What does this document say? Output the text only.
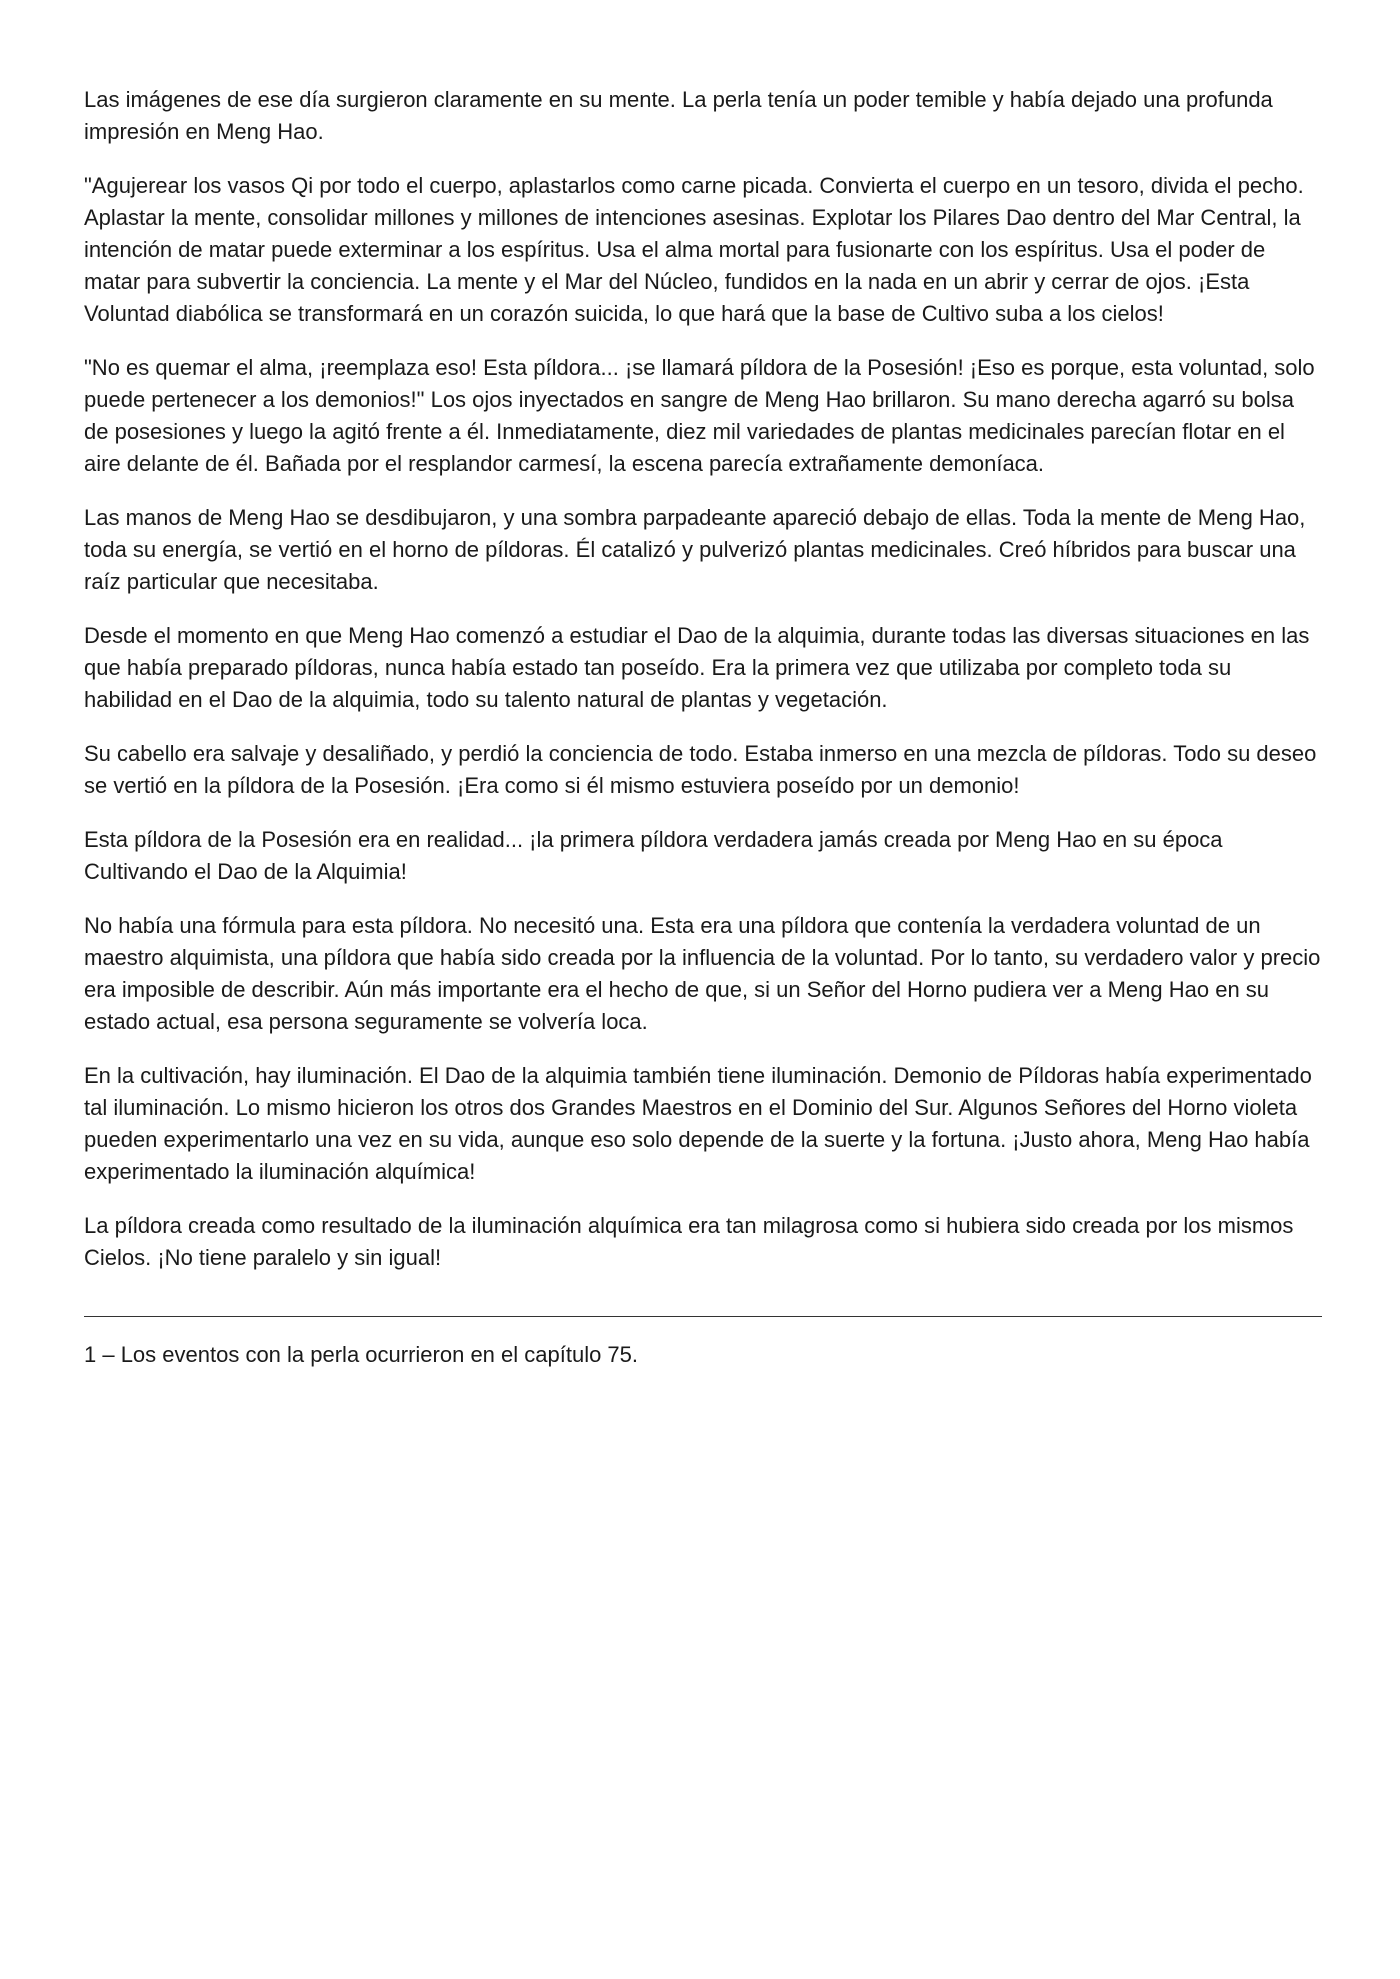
Las imágenes de ese día surgieron claramente en su mente. La perla tenía un poder temible y había dejado una profunda impresión en Meng Hao.

"Agujerear los vasos Qi por todo el cuerpo, aplastarlos como carne picada. Convierta el cuerpo en un tesoro, divida el pecho. Aplastar la mente, consolidar millones y millones de intenciones asesinas. Explotar los Pilares Dao dentro del Mar Central, la intención de matar puede exterminar a los espíritus. Usa el alma mortal para fusionarte con los espíritus. Usa el poder de matar para subvertir la conciencia. La mente y el Mar del Núcleo, fundidos en la nada en un abrir y cerrar de ojos. ¡Esta Voluntad diabólica se transformará en un corazón suicida, lo que hará que la base de Cultivo suba a los cielos!

"No es quemar el alma, ¡reemplaza eso! Esta píldora... ¡se llamará píldora de la Posesión! ¡Eso es porque, esta voluntad, solo puede pertenecer a los demonios!" Los ojos inyectados en sangre de Meng Hao brillaron. Su mano derecha agarró su bolsa de posesiones y luego la agitó frente a él. Inmediatamente, diez mil variedades de plantas medicinales parecían flotar en el aire delante de él. Bañada por el resplandor carmesí, la escena parecía extrañamente demoníaca.

Las manos de Meng Hao se desdibujaron, y una sombra parpadeante apareció debajo de ellas. Toda la mente de Meng Hao, toda su energía, se vertió en el horno de píldoras. Él catalizó y pulverizó plantas medicinales. Creó híbridos para buscar una raíz particular que necesitaba.

Desde el momento en que Meng Hao comenzó a estudiar el Dao de la alquimia, durante todas las diversas situaciones en las que había preparado píldoras, nunca había estado tan poseído. Era la primera vez que utilizaba por completo toda su habilidad en el Dao de la alquimia, todo su talento natural de plantas y vegetación.

Su cabello era salvaje y desaliñado, y perdió la conciencia de todo. Estaba inmerso en una mezcla de píldoras. Todo su deseo se vertió en la píldora de la Posesión. ¡Era como si él mismo estuviera poseído por un demonio!

Esta píldora de la Posesión era en realidad... ¡la primera píldora verdadera jamás creada por Meng Hao en su época Cultivando el Dao de la Alquimia!

No había una fórmula para esta píldora. No necesitó una. Esta era una píldora que contenía la verdadera voluntad de un maestro alquimista, una píldora que había sido creada por la influencia de la voluntad. Por lo tanto, su verdadero valor y precio era imposible de describir. Aún más importante era el hecho de que, si un Señor del Horno pudiera ver a Meng Hao en su estado actual, esa persona seguramente se volvería loca.

En la cultivación, hay iluminación. El Dao de la alquimia también tiene iluminación. Demonio de Píldoras había experimentado tal iluminación. Lo mismo hicieron los otros dos Grandes Maestros en el Dominio del Sur. Algunos Señores del Horno violeta pueden experimentarlo una vez en su vida, aunque eso solo depende de la suerte y la fortuna. ¡Justo ahora, Meng Hao había experimentado la iluminación alquímica!

La píldora creada como resultado de la iluminación alquímica era tan milagrosa como si hubiera sido creada por los mismos Cielos. ¡No tiene paralelo y sin igual!

1 – Los eventos con la perla ocurrieron en el capítulo 75.
